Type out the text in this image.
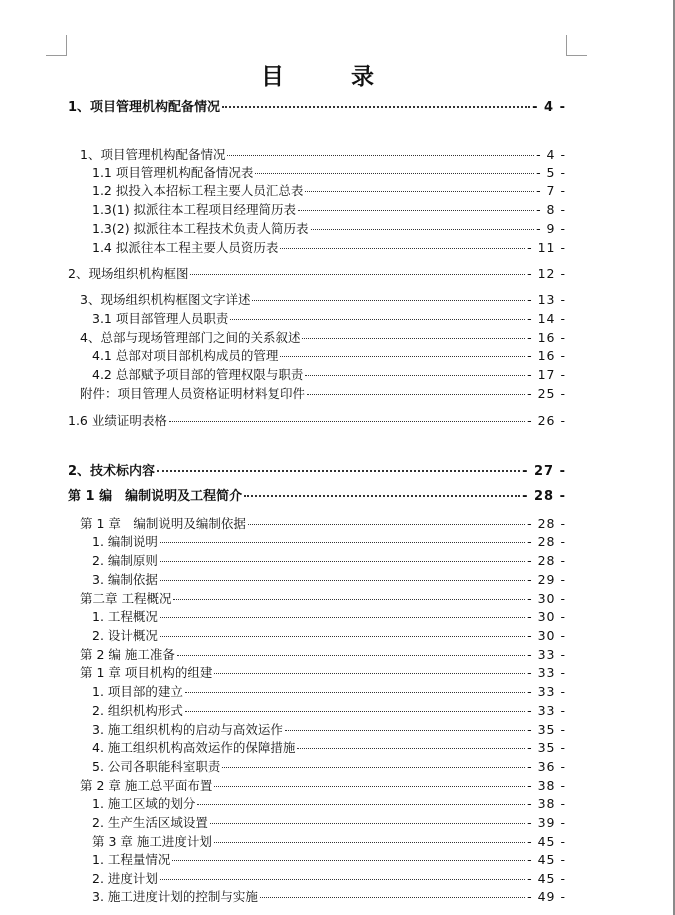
目　录
1、项目管理机构配备情况	- 4 -
1、项目管理机构配备情况	- 4 -
1.1 项目管理机构配备情况表	- 5 -
1.2 拟投入本招标工程主要人员汇总表	- 7 -
1.3(1) 拟派往本工程项目经理简历表	- 8 -
1.3(2) 拟派往本工程技术负责人简历表	- 9 -
1.4 拟派往本工程主要人员资历表	- 11 -
2、现场组织机构框图	- 12 -
3、现场组织机构框图文字详述	- 13 -
3.1 项目部管理人员职责	- 14 -
4、总部与现场管理部门之间的关系叙述	- 16 -
4.1 总部对项目部机构成员的管理	- 16 -
4.2 总部赋予项目部的管理权限与职责	- 17 -
附件：项目管理人员资格证明材料复印件	- 25 -
1.6 业绩证明表格	- 26 -
2、技术标内容	- 27 -
第 1 编　编制说明及工程简介	- 28 -
第 1 章　编制说明及编制依据	- 28 -
1. 编制说明	- 28 -
2. 编制原则	- 28 -
3. 编制依据	- 29 -
第二章 工程概况	- 30 -
1. 工程概况	- 30 -
2. 设计概况	- 30 -
第 2 编 施工准备	- 33 -
第 1 章 项目机构的组建	- 33 -
1. 项目部的建立	- 33 -
2. 组织机构形式	- 33 -
3. 施工组织机构的启动与高效运作	- 35 -
4. 施工组织机构高效运作的保障措施	- 35 -
5. 公司各职能科室职责	- 36 -
第 2 章 施工总平面布置	- 38 -
1. 施工区域的划分	- 38 -
2. 生产生活区域设置	- 39 -
第 3 章 施工进度计划	- 45 -
1. 工程量情况	- 45 -
2. 进度计划	- 45 -
3. 施工进度计划的控制与实施	- 49 -
